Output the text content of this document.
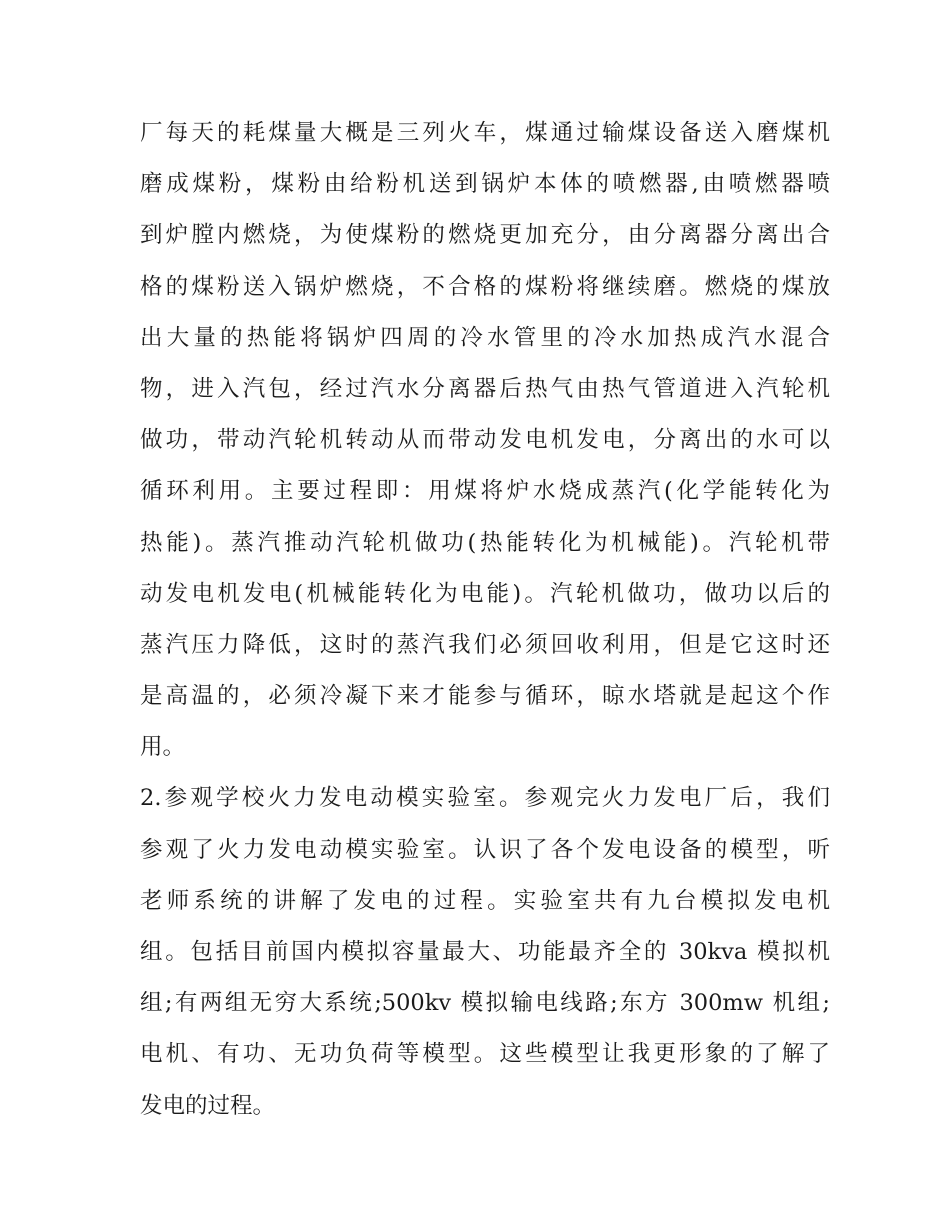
厂每天的耗煤量大概是三列火车，煤通过输煤设备送入磨煤机
磨成煤粉，煤粉由给粉机送到锅炉本体的喷燃器,由喷燃器喷
到炉膛内燃烧，为使煤粉的燃烧更加充分，由分离器分离出合
格的煤粉送入锅炉燃烧，不合格的煤粉将继续磨。燃烧的煤放
出大量的热能将锅炉四周的冷水管里的冷水加热成汽水混合
物，进入汽包，经过汽水分离器后热气由热气管道进入汽轮机
做功，带动汽轮机转动从而带动发电机发电，分离出的水可以
循环利用。主要过程即：用煤将炉水烧成蒸汽(化学能转化为
热能)。蒸汽推动汽轮机做功(热能转化为机械能)。汽轮机带
动发电机发电(机械能转化为电能)。汽轮机做功，做功以后的
蒸汽压力降低，这时的蒸汽我们必须回收利用，但是它这时还
是高温的，必须冷凝下来才能参与循环，晾水塔就是起这个作
用。
2.参观学校火力发电动模实验室。参观完火力发电厂后，我们
参观了火力发电动模实验室。认识了各个发电设备的模型，听
老师系统的讲解了发电的过程。实验室共有九台模拟发电机
组。包括目前国内模拟容量最大、功能最齐全的 30kva 模拟机
组;有两组无穷大系统;500kv 模拟输电线路;东方 300mw 机组;
电机、有功、无功负荷等模型。这些模型让我更形象的了解了
发电的过程。
